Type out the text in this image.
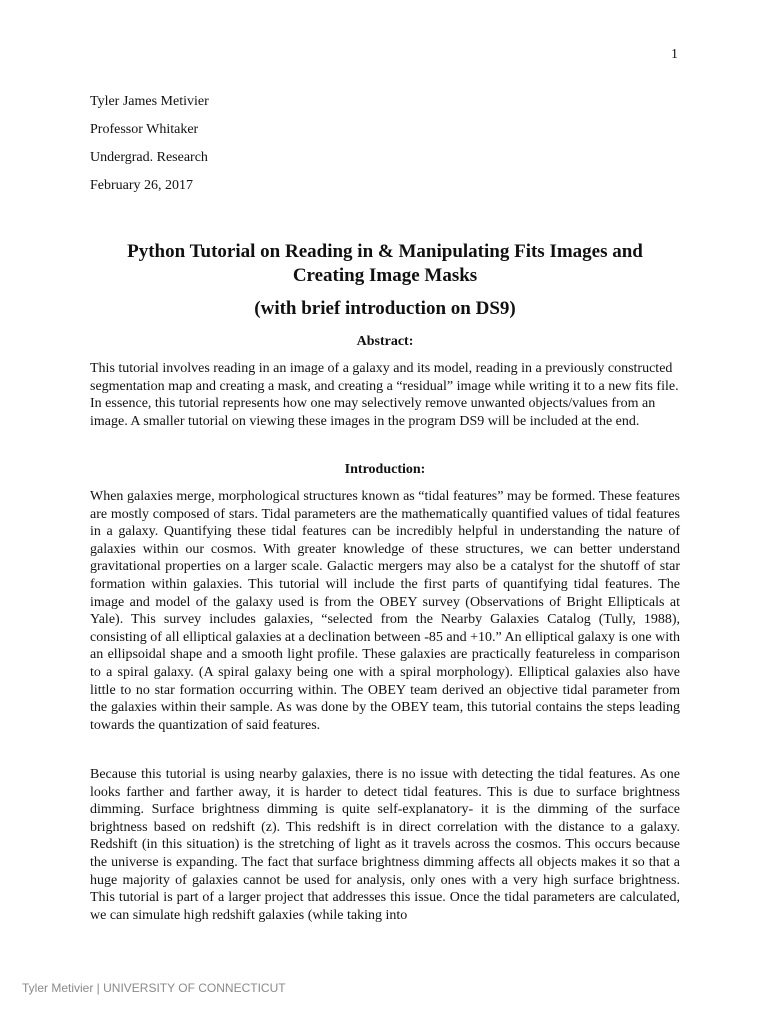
1
Tyler James Metivier
Professor Whitaker
Undergrad. Research
February 26, 2017
Python Tutorial on Reading in & Manipulating Fits Images and Creating Image Masks
(with brief introduction on DS9)
Abstract:

This tutorial involves reading in an image of a galaxy and its model, reading in a previously constructed segmentation map and creating a mask, and creating a “residual” image while writing it to a new fits file. In essence, this tutorial represents how one may selectively remove unwanted objects/values from an image. A smaller tutorial on viewing these images in the program DS9 will be included at the end.

Introduction:

When galaxies merge, morphological structures known as “tidal features” may be formed. These features are mostly composed of stars. Tidal parameters are the mathematically quantified values of tidal features in a galaxy. Quantifying these tidal features can be incredibly helpful in understanding the nature of galaxies within our cosmos. With greater knowledge of these structures, we can better understand gravitational properties on a larger scale. Galactic mergers may also be a catalyst for the shutoff of star formation within galaxies. This tutorial will include the first parts of quantifying tidal features. The image and model of the galaxy used is from the OBEY survey (Observations of Bright Ellipticals at Yale). This survey includes galaxies, “selected from the Nearby Galaxies Catalog (Tully, 1988), consisting of all elliptical galaxies at a declination between -85 and +10.” An elliptical galaxy is one with an ellipsoidal shape and a smooth light profile. These galaxies are practically featureless in comparison to a spiral galaxy. (A spiral galaxy being one with a spiral morphology). Elliptical galaxies also have little to no star formation occurring within. The OBEY team derived an objective tidal parameter from the galaxies within their sample. As was done by the OBEY team, this tutorial contains the steps leading towards the quantization of said features.

Because this tutorial is using nearby galaxies, there is no issue with detecting the tidal features. As one looks farther and farther away, it is harder to detect tidal features. This is due to surface brightness dimming. Surface brightness dimming is quite self-explanatory- it is the dimming of the surface brightness based on redshift (z). This redshift is in direct correlation with the distance to a galaxy. Redshift (in this situation) is the stretching of light as it travels across the cosmos. This occurs because the universe is expanding. The fact that surface brightness dimming affects all objects makes it so that a huge majority of galaxies cannot be used for analysis, only ones with a very high surface brightness. This tutorial is part of a larger project that addresses this issue. Once the tidal parameters are calculated, we can simulate high redshift galaxies (while taking into

Tyler Metivier | UNIVERSITY OF CONNECTICUT
